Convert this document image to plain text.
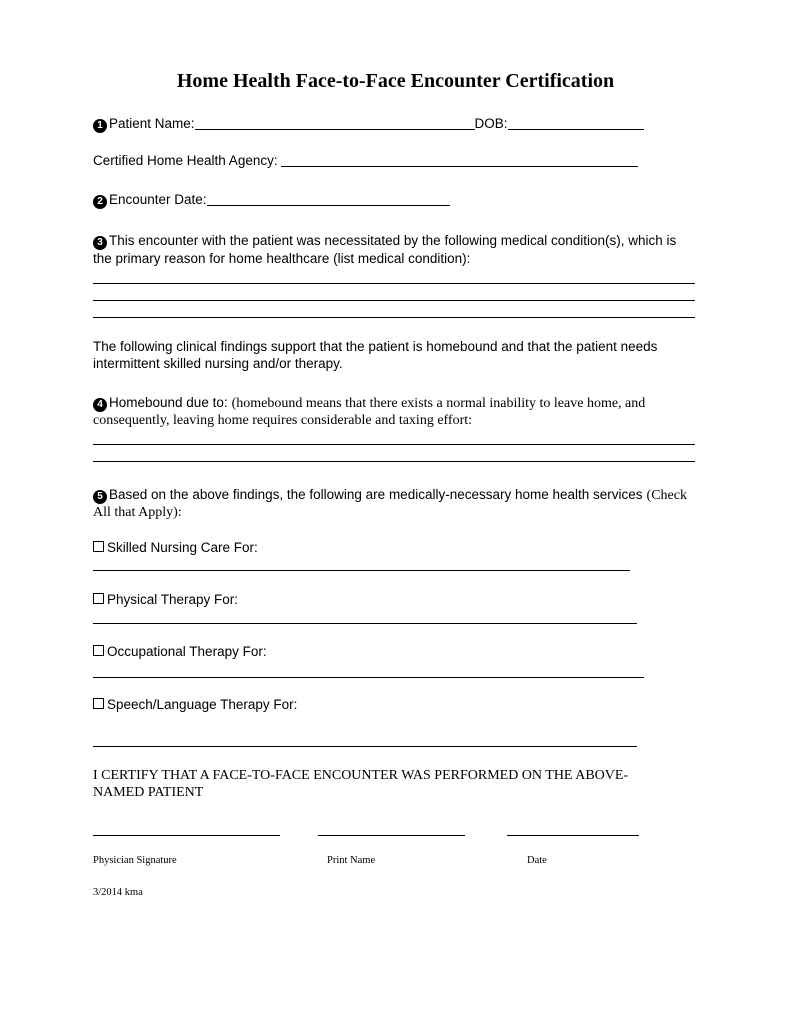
Home Health Face-to-Face Encounter Certification
1 Patient Name:	DOB:
Certified Home Health Agency:
2 Encounter Date:
3 This encounter with the patient was necessitated by the following medical condition(s), which is
the primary reason for home healthcare (list medical condition):
The following clinical findings support that the patient is homebound and that the patient needs
intermittent skilled nursing and/or therapy.
4 Homebound due to: (homebound means that there exists a normal inability to leave home, and
consequently, leaving home requires considerable and taxing effort:
5 Based on the above findings, the following are medically-necessary home health services (Check
All that Apply):
Skilled Nursing Care For:
Physical Therapy For:
Occupational Therapy For:
Speech/Language Therapy For:
I CERTIFY THAT A FACE-TO-FACE ENCOUNTER WAS PERFORMED ON THE ABOVE-
NAMED PATIENT
Physician Signature	Print Name	Date
3/2014 kma
